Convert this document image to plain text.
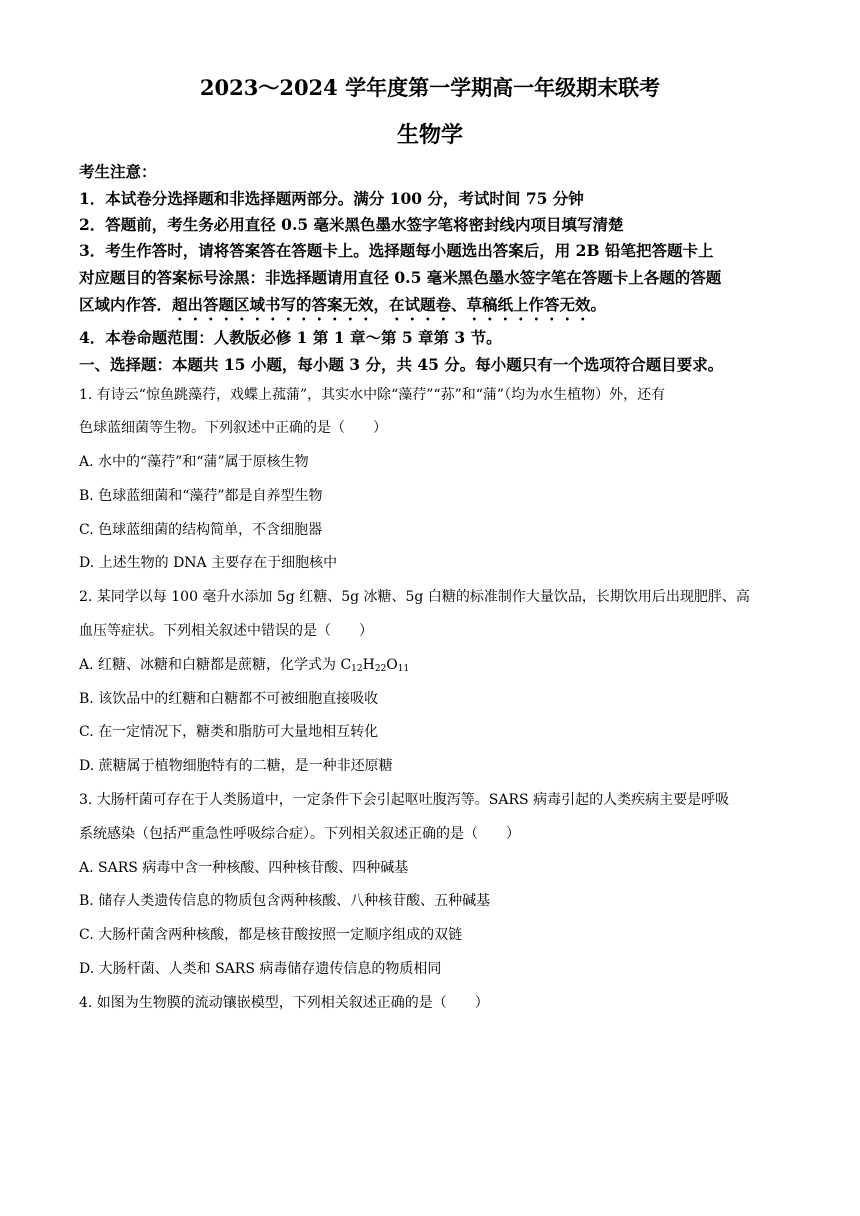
2023～2024 学年度第一学期高一年级期末联考
生物学
考生注意：
1．本试卷分选择题和非选择题两部分。满分 100 分，考试时间 75 分钟
2．答题前，考生务必用直径 0.5 毫米黑色墨水签字笔将密封线内项目填写清楚
3．考生作答时，请将答案答在答题卡上。选择题每小题选出答案后，用 2B 铅笔把答题卡上
对应题目的答案标号涂黑：非选择题请用直径 0.5 毫米黑色墨水签字笔在答题卡上各题的答题
区域内作答．超出答题区域书写的答案无效，在试题卷、草稿纸上作答无效。
4．本卷命题范围：人教版必修 1 第 1 章～第 5 章第 3 节。
一、选择题：本题共 15 小题，每小题 3 分，共 45 分。每小题只有一个选项符合题目要求。
1. 有诗云“惊鱼跳藻荇，戏蝶上菰蒲”，其实水中除“藻荇”“荪”和“蒲”（均为水生植物）外，还有
色球蓝细菌等生物。下列叙述中正确的是（　　）
A. 水中的“藻荇”和“蒲”属于原核生物
B. 色球蓝细菌和“藻荇”都是自养型生物
C. 色球蓝细菌的结构简单，不含细胞器
D. 上述生物的 DNA 主要存在于细胞核中
2. 某同学以每 100 毫升水添加 5g 红糖、5g 冰糖、5g 白糖的标准制作大量饮品，长期饮用后出现肥胖、高
血压等症状。下列相关叙述中错误的是（　　）
A. 红糖、冰糖和白糖都是蔗糖，化学式为 $C_{12}H_{22}O_{11}$
B. 该饮品中的红糖和白糖都不可被细胞直接吸收
C. 在一定情况下，糖类和脂肪可大量地相互转化
D. 蔗糖属于植物细胞特有的二糖，是一种非还原糖
3. 大肠杆菌可存在于人类肠道中，一定条件下会引起呕吐腹泻等。SARS 病毒引起的人类疾病主要是呼吸
系统感染（包括严重急性呼吸综合症）。下列相关叙述正确的是（　　）
A. SARS 病毒中含一种核酸、四种核苷酸、四种碱基
B. 储存人类遗传信息的物质包含两种核酸、八种核苷酸、五种碱基
C. 大肠杆菌含两种核酸，都是核苷酸按照一定顺序组成的双链
D. 大肠杆菌、人类和 SARS 病毒储存遗传信息的物质相同
4. 如图为生物膜的流动镶嵌模型，下列相关叙述正确的是（　　）
